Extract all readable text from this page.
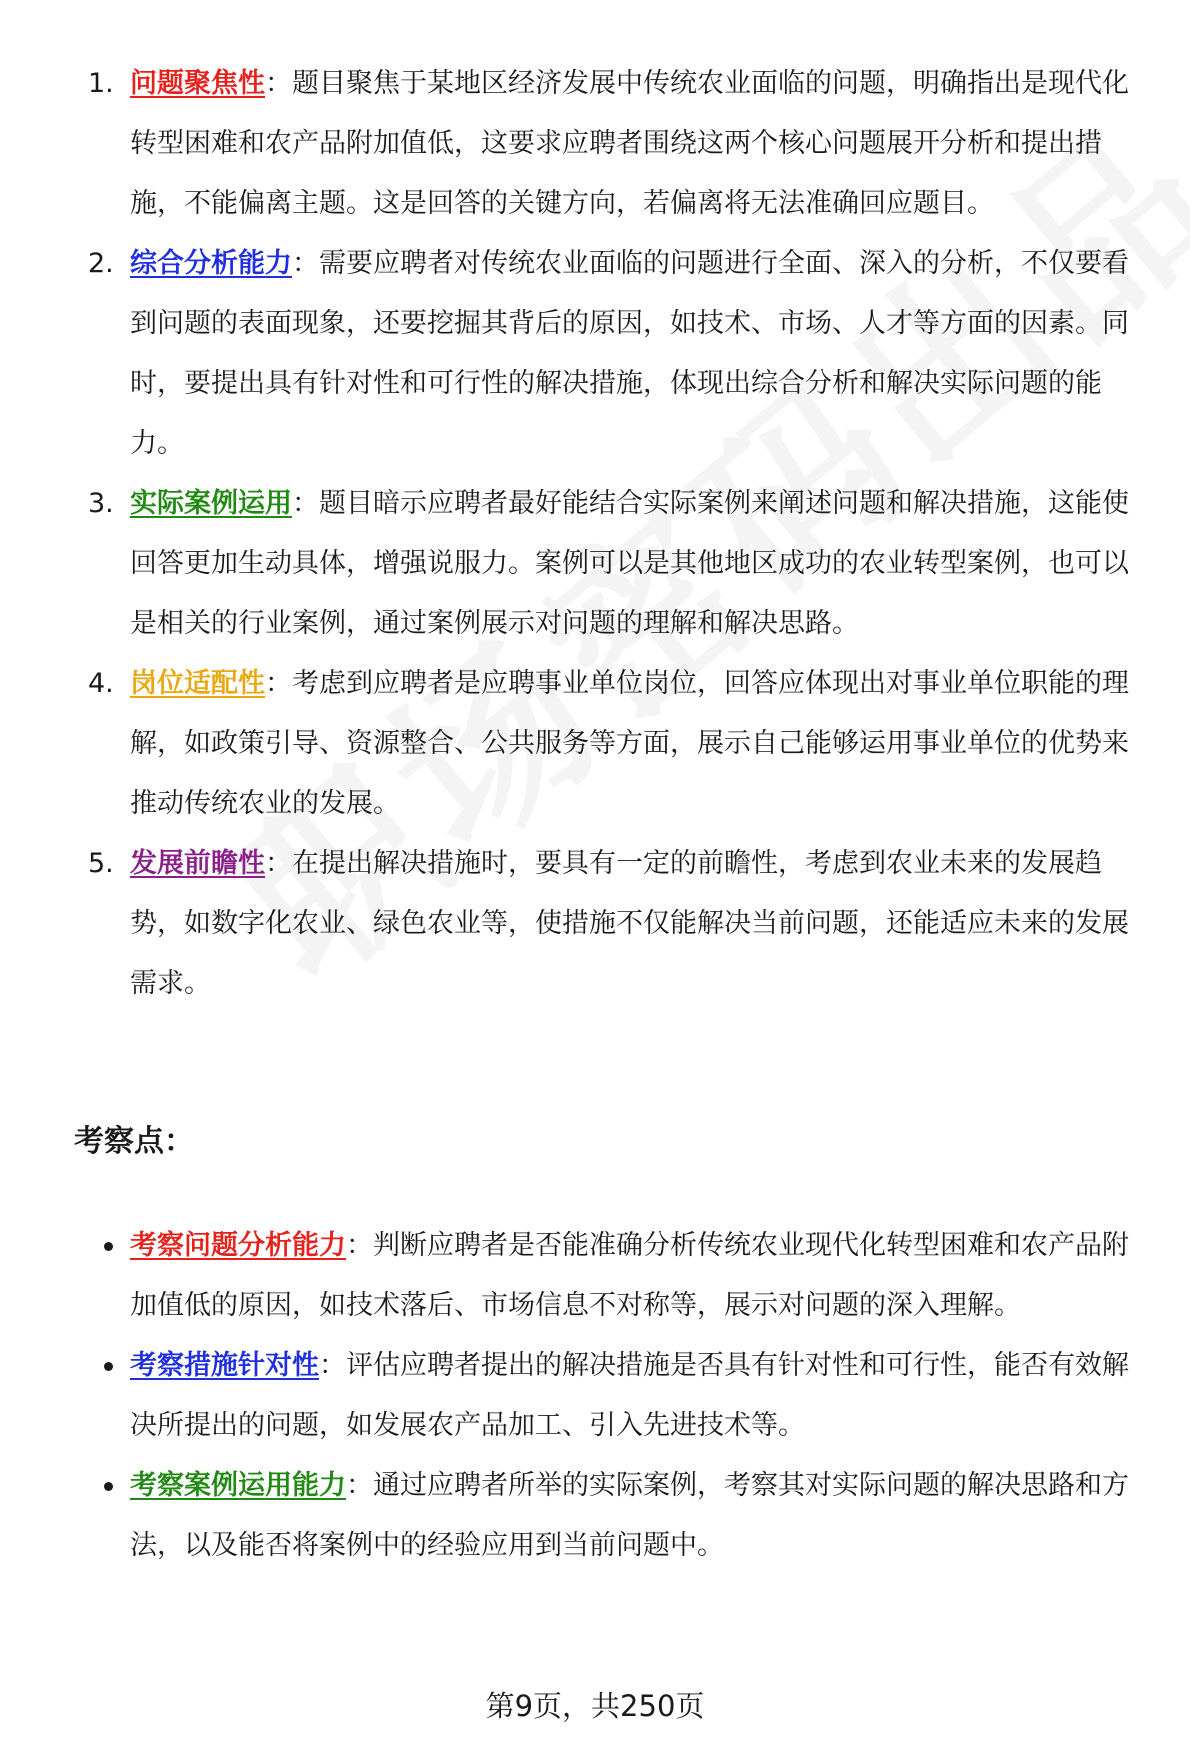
1. 问题聚焦性：题目聚焦于某地区经济发展中传统农业面临的问题，明确指出是现代化转型困难和农产品附加值低，这要求应聘者围绕这两个核心问题展开分析和提出措施，不能偏离主题。这是回答的关键方向，若偏离将无法准确回应题目。
2. 综合分析能力：需要应聘者对传统农业面临的问题进行全面、深入的分析，不仅要看到问题的表面现象，还要挖掘其背后的原因，如技术、市场、人才等方面的因素。同时，要提出具有针对性和可行性的解决措施，体现出综合分析和解决实际问题的能力。
3. 实际案例运用：题目暗示应聘者最好能结合实际案例来阐述问题和解决措施，这能使回答更加生动具体，增强说服力。案例可以是其他地区成功的农业转型案例，也可以是相关的行业案例，通过案例展示对问题的理解和解决思路。
4. 岗位适配性：考虑到应聘者是应聘事业单位岗位，回答应体现出对事业单位职能的理解，如政策引导、资源整合、公共服务等方面，展示自己能够运用事业单位的优势来推动传统农业的发展。
5. 发展前瞻性：在提出解决措施时，要具有一定的前瞻性，考虑到农业未来的发展趋势，如数字化农业、绿色农业等，使措施不仅能解决当前问题，还能适应未来的发展需求。
考察点：
考察问题分析能力：判断应聘者是否能准确分析传统农业现代化转型困难和农产品附加值低的原因，如技术落后、市场信息不对称等，展示对问题的深入理解。
考察措施针对性：评估应聘者提出的解决措施是否具有针对性和可行性，能否有效解决所提出的问题，如发展农产品加工、引入先进技术等。
考察案例运用能力：通过应聘者所举的实际案例，考察其对实际问题的解决思路和方法，以及能否将案例中的经验应用到当前问题中。
第9页，共250页
